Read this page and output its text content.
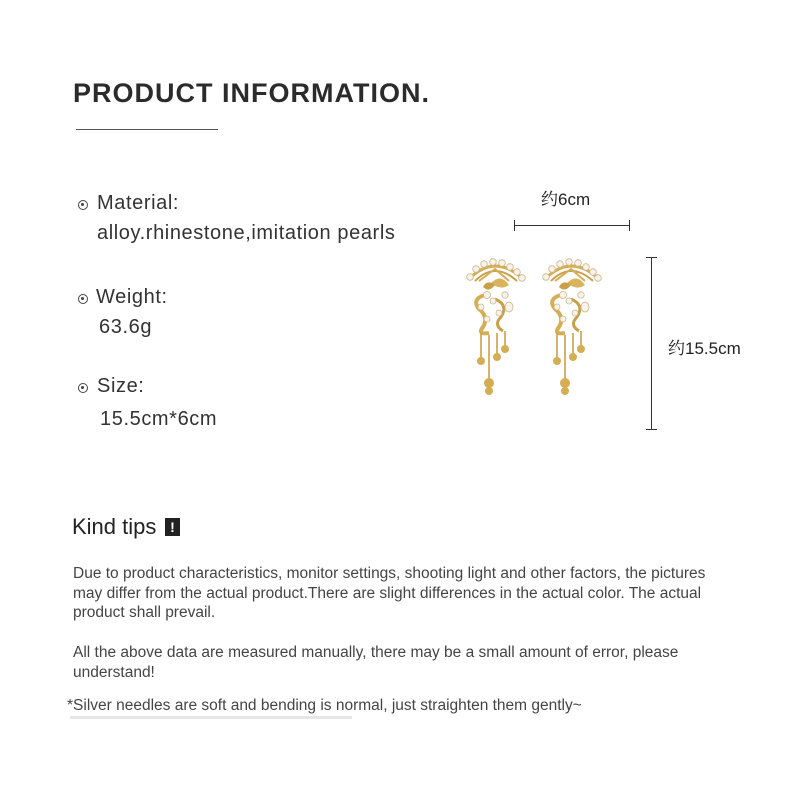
PRODUCT INFORMATION.
Material:
alloy.rhinestone,imitation pearls
Weight:
63.6g
Size:
15.5cm*6cm
约6cm
约15.5cm
Kind tips !
Due to product characteristics, monitor settings, shooting light and other factors, the pictures may differ from the actual product.There are slight differences in the actual color. The actual product shall prevail.
All the above data are measured manually, there may be a small amount of error, please understand!
*Silver needles are soft and bending is normal, just straighten them gently~
